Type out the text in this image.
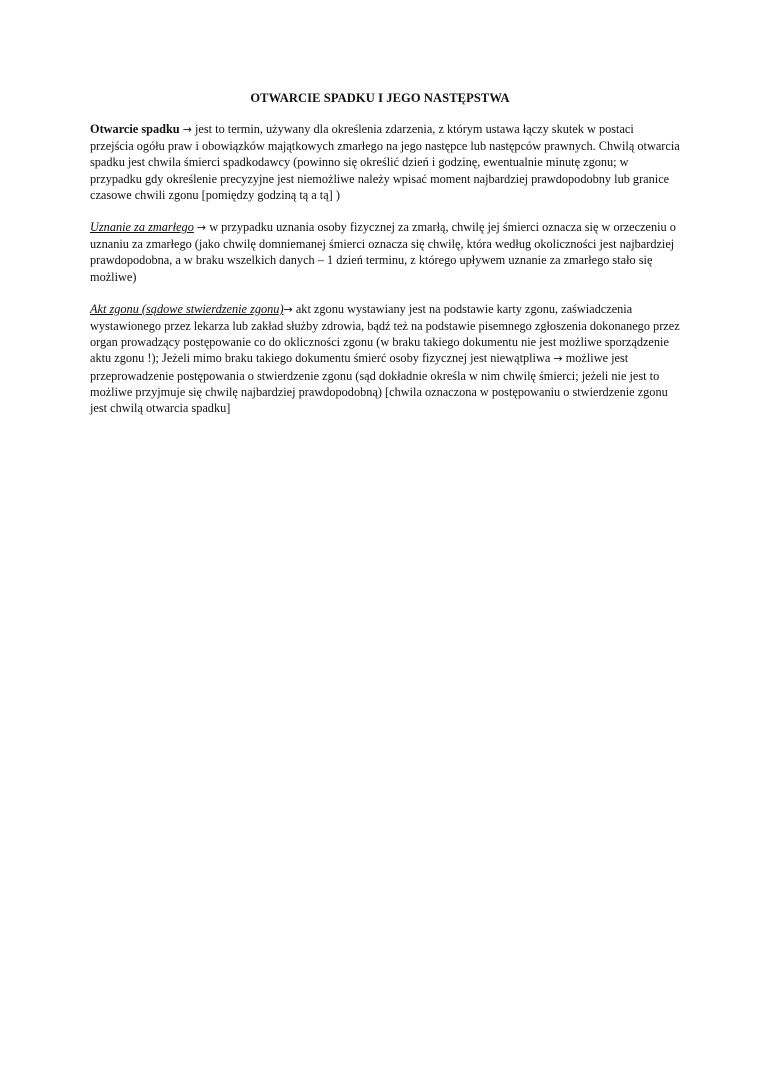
OTWARCIE SPADKU I JEGO NASTĘPSTWA

Otwarcie spadku → jest to termin, używany dla określenia zdarzenia, z którym ustawa łączy skutek w postaci przejścia ogółu praw i obowiązków majątkowych zmarłego na jego następce lub następców prawnych. Chwilą otwarcia spadku jest chwila śmierci spadkodawcy (powinno się określić dzień i godzinę, ewentualnie minutę zgonu; w przypadku gdy określenie precyzyjne jest niemożliwe należy wpisać moment najbardziej prawdopodobny lub granice czasowe chwili zgonu [pomiędzy godziną tą a tą] )

Uznanie za zmarłego → w przypadku uznania osoby fizycznej za zmarłą, chwilę jej śmierci oznacza się w orzeczeniu o uznaniu za zmarłego (jako chwilę domniemanej śmierci oznacza się chwilę, która według okoliczności jest najbardziej prawdopodobna, a w braku wszelkich danych – 1 dzień terminu, z którego upływem uznanie za zmarłego stało się możliwe)

Akt zgonu (sądowe stwierdzenie zgonu)→ akt zgonu wystawiany jest na podstawie karty zgonu, zaświadczenia wystawionego przez lekarza lub zakład służby zdrowia, bądź też na podstawie pisemnego zgłoszenia dokonanego przez organ prowadzący postępowanie co do okliczności zgonu (w braku takiego dokumentu nie jest możliwe sporządzenie aktu zgonu !); Jeżeli mimo braku takiego dokumentu śmierć osoby fizycznej jest niewątpliwa → możliwe jest przeprowadzenie postępowania o stwierdzenie zgonu (sąd dokładnie określa w nim chwilę śmierci; jeżeli nie jest to możliwe przyjmuje się chwilę najbardziej prawdopodobną) [chwila oznaczona w postępowaniu o stwierdzenie zgonu jest chwilą otwarcia spadku]
